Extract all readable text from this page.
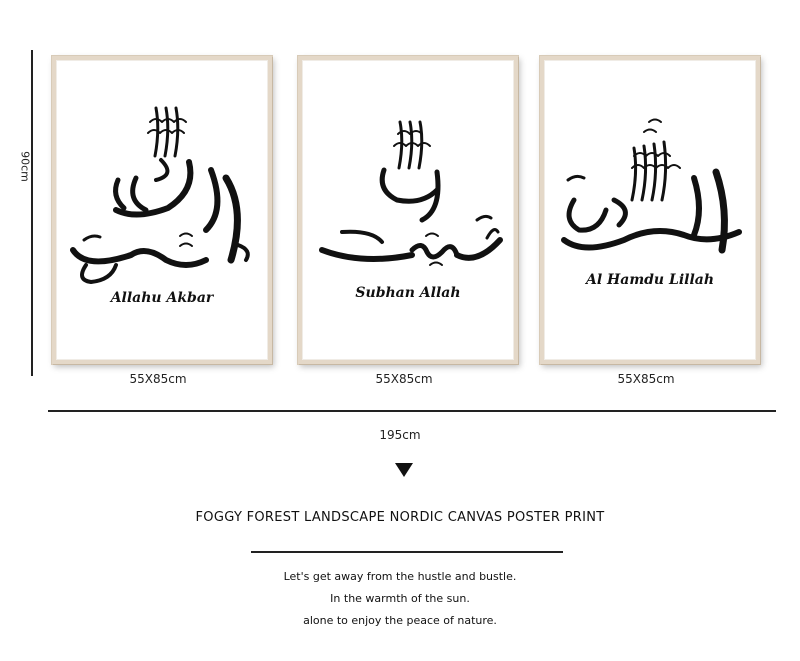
90cm
Allahu Akbar
55X85cm
Subhan Allah
55X85cm
Al Hamdu Lillah
55X85cm
195cm
FOGGY FOREST LANDSCAPE NORDIC CANVAS POSTER PRINT
Let's get away from the hustle and bustle.
In the warmth of the sun.
alone to enjoy the peace of nature.
